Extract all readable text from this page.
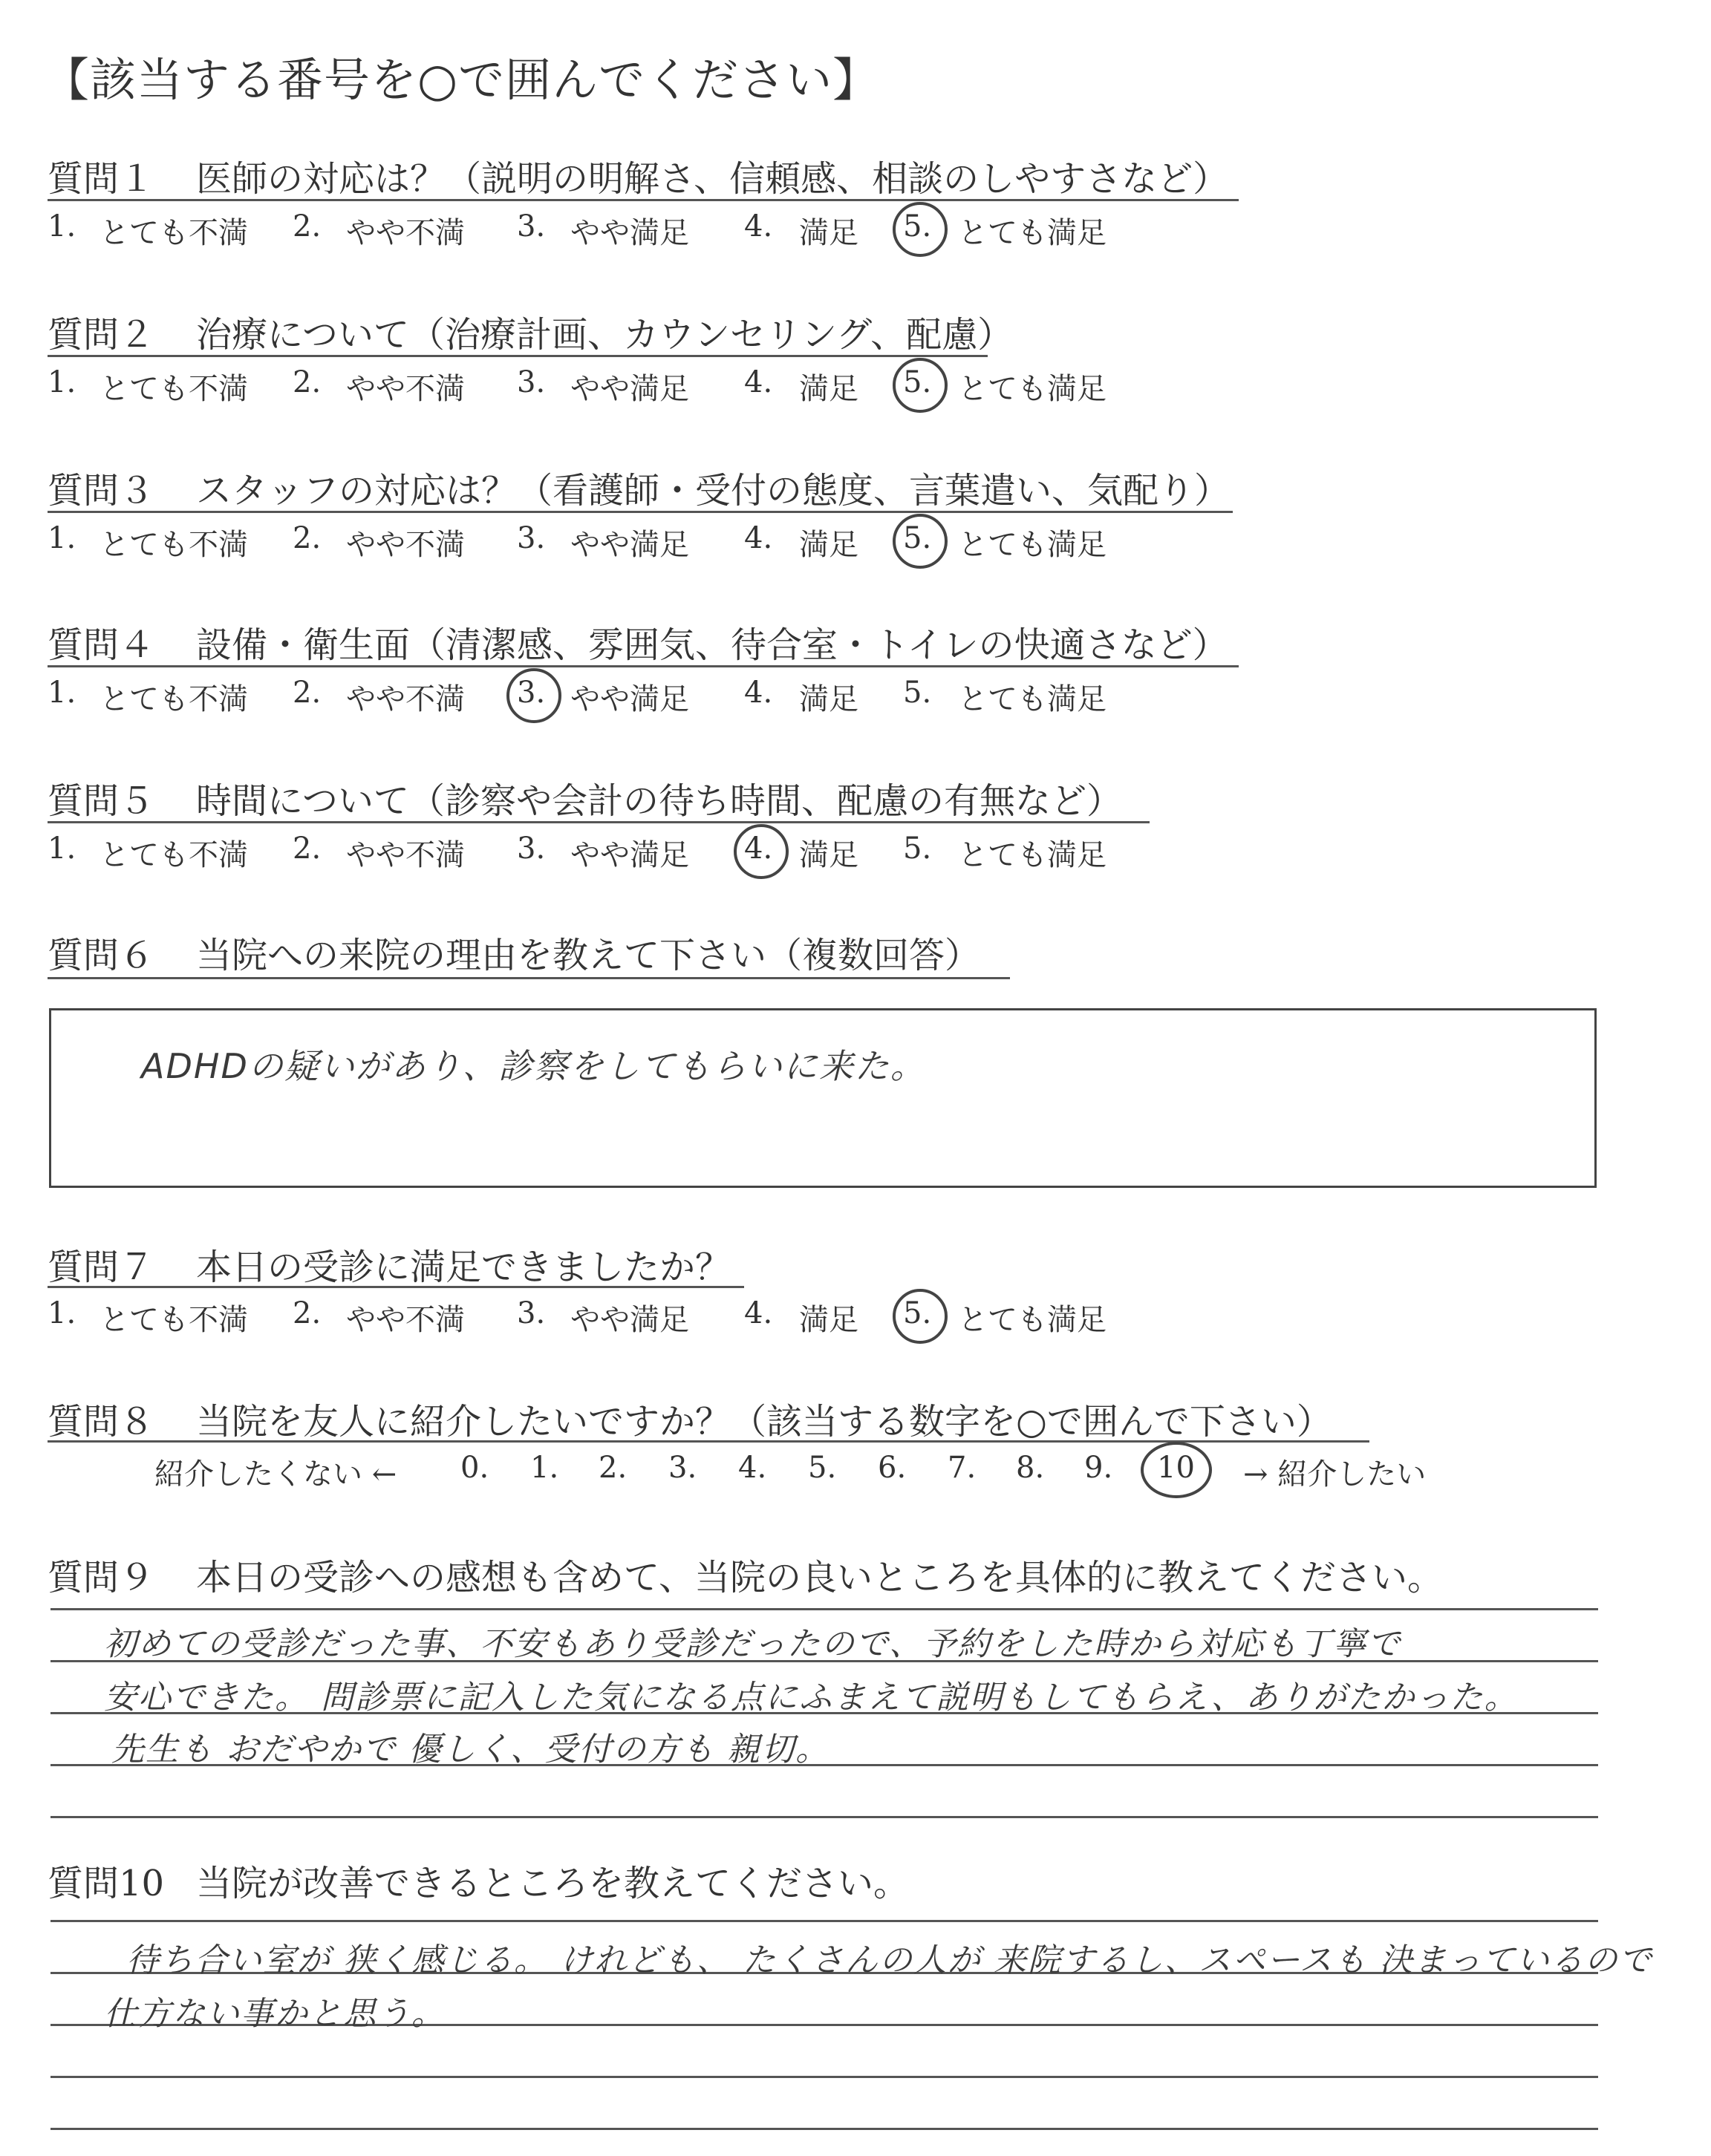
【該当する番号を○で囲んでください】
質問１ 医師の対応は？（説明の明解さ、信頼感、相談のしやすさなど）
1. とても不満 2. やや不満 3. やや満足 4. 満足 5. とても満足
質問２ 治療について（治療計画、カウンセリング、配慮）
1. とても不満 2. やや不満 3. やや満足 4. 満足 5. とても満足
質問３ スタッフの対応は？（看護師・受付の態度、言葉遣い、気配り）
1. とても不満 2. やや不満 3. やや満足 4. 満足 5. とても満足
質問４ 設備・衛生面（清潔感、雰囲気、待合室・トイレの快適さなど）
1. とても不満 2. やや不満 3. やや満足 4. 満足 5. とても満足
質問５ 時間について（診察や会計の待ち時間、配慮の有無など）
1. とても不満 2. やや不満 3. やや満足 4. 満足 5. とても満足
質問６ 当院への来院の理由を教えて下さい（複数回答）
ADHDの疑いがあり、診察をしてもらいに来た。
質問７ 本日の受診に満足できましたか？
1. とても不満 2. やや不満 3. やや満足 4. 満足 5. とても満足
質問８ 当院を友人に紹介したいですか？（該当する数字を○で囲んで下さい）
紹介したくない ←	→ 紹介したい
0. 1. 2. 3. 4. 5. 6. 7. 8. 9. 10
質問９ 本日の受診への感想も含めて、当院の良いところを具体的に教えてください。
初めての受診だった事、不安もあり受診だったので、予約をした時から対応も丁寧で
安心できた。 問診票に記入した気になる点にふまえて説明もしてもらえ、ありがたかった。
先生も おだやかで 優しく、受付の方も 親切。
質問10 当院が改善できるところを教えてください。
待ち合い室が 狭く感じる。 けれども、 たくさんの人が 来院するし、スペースも 決まっているので
仕方ない事かと思う。
